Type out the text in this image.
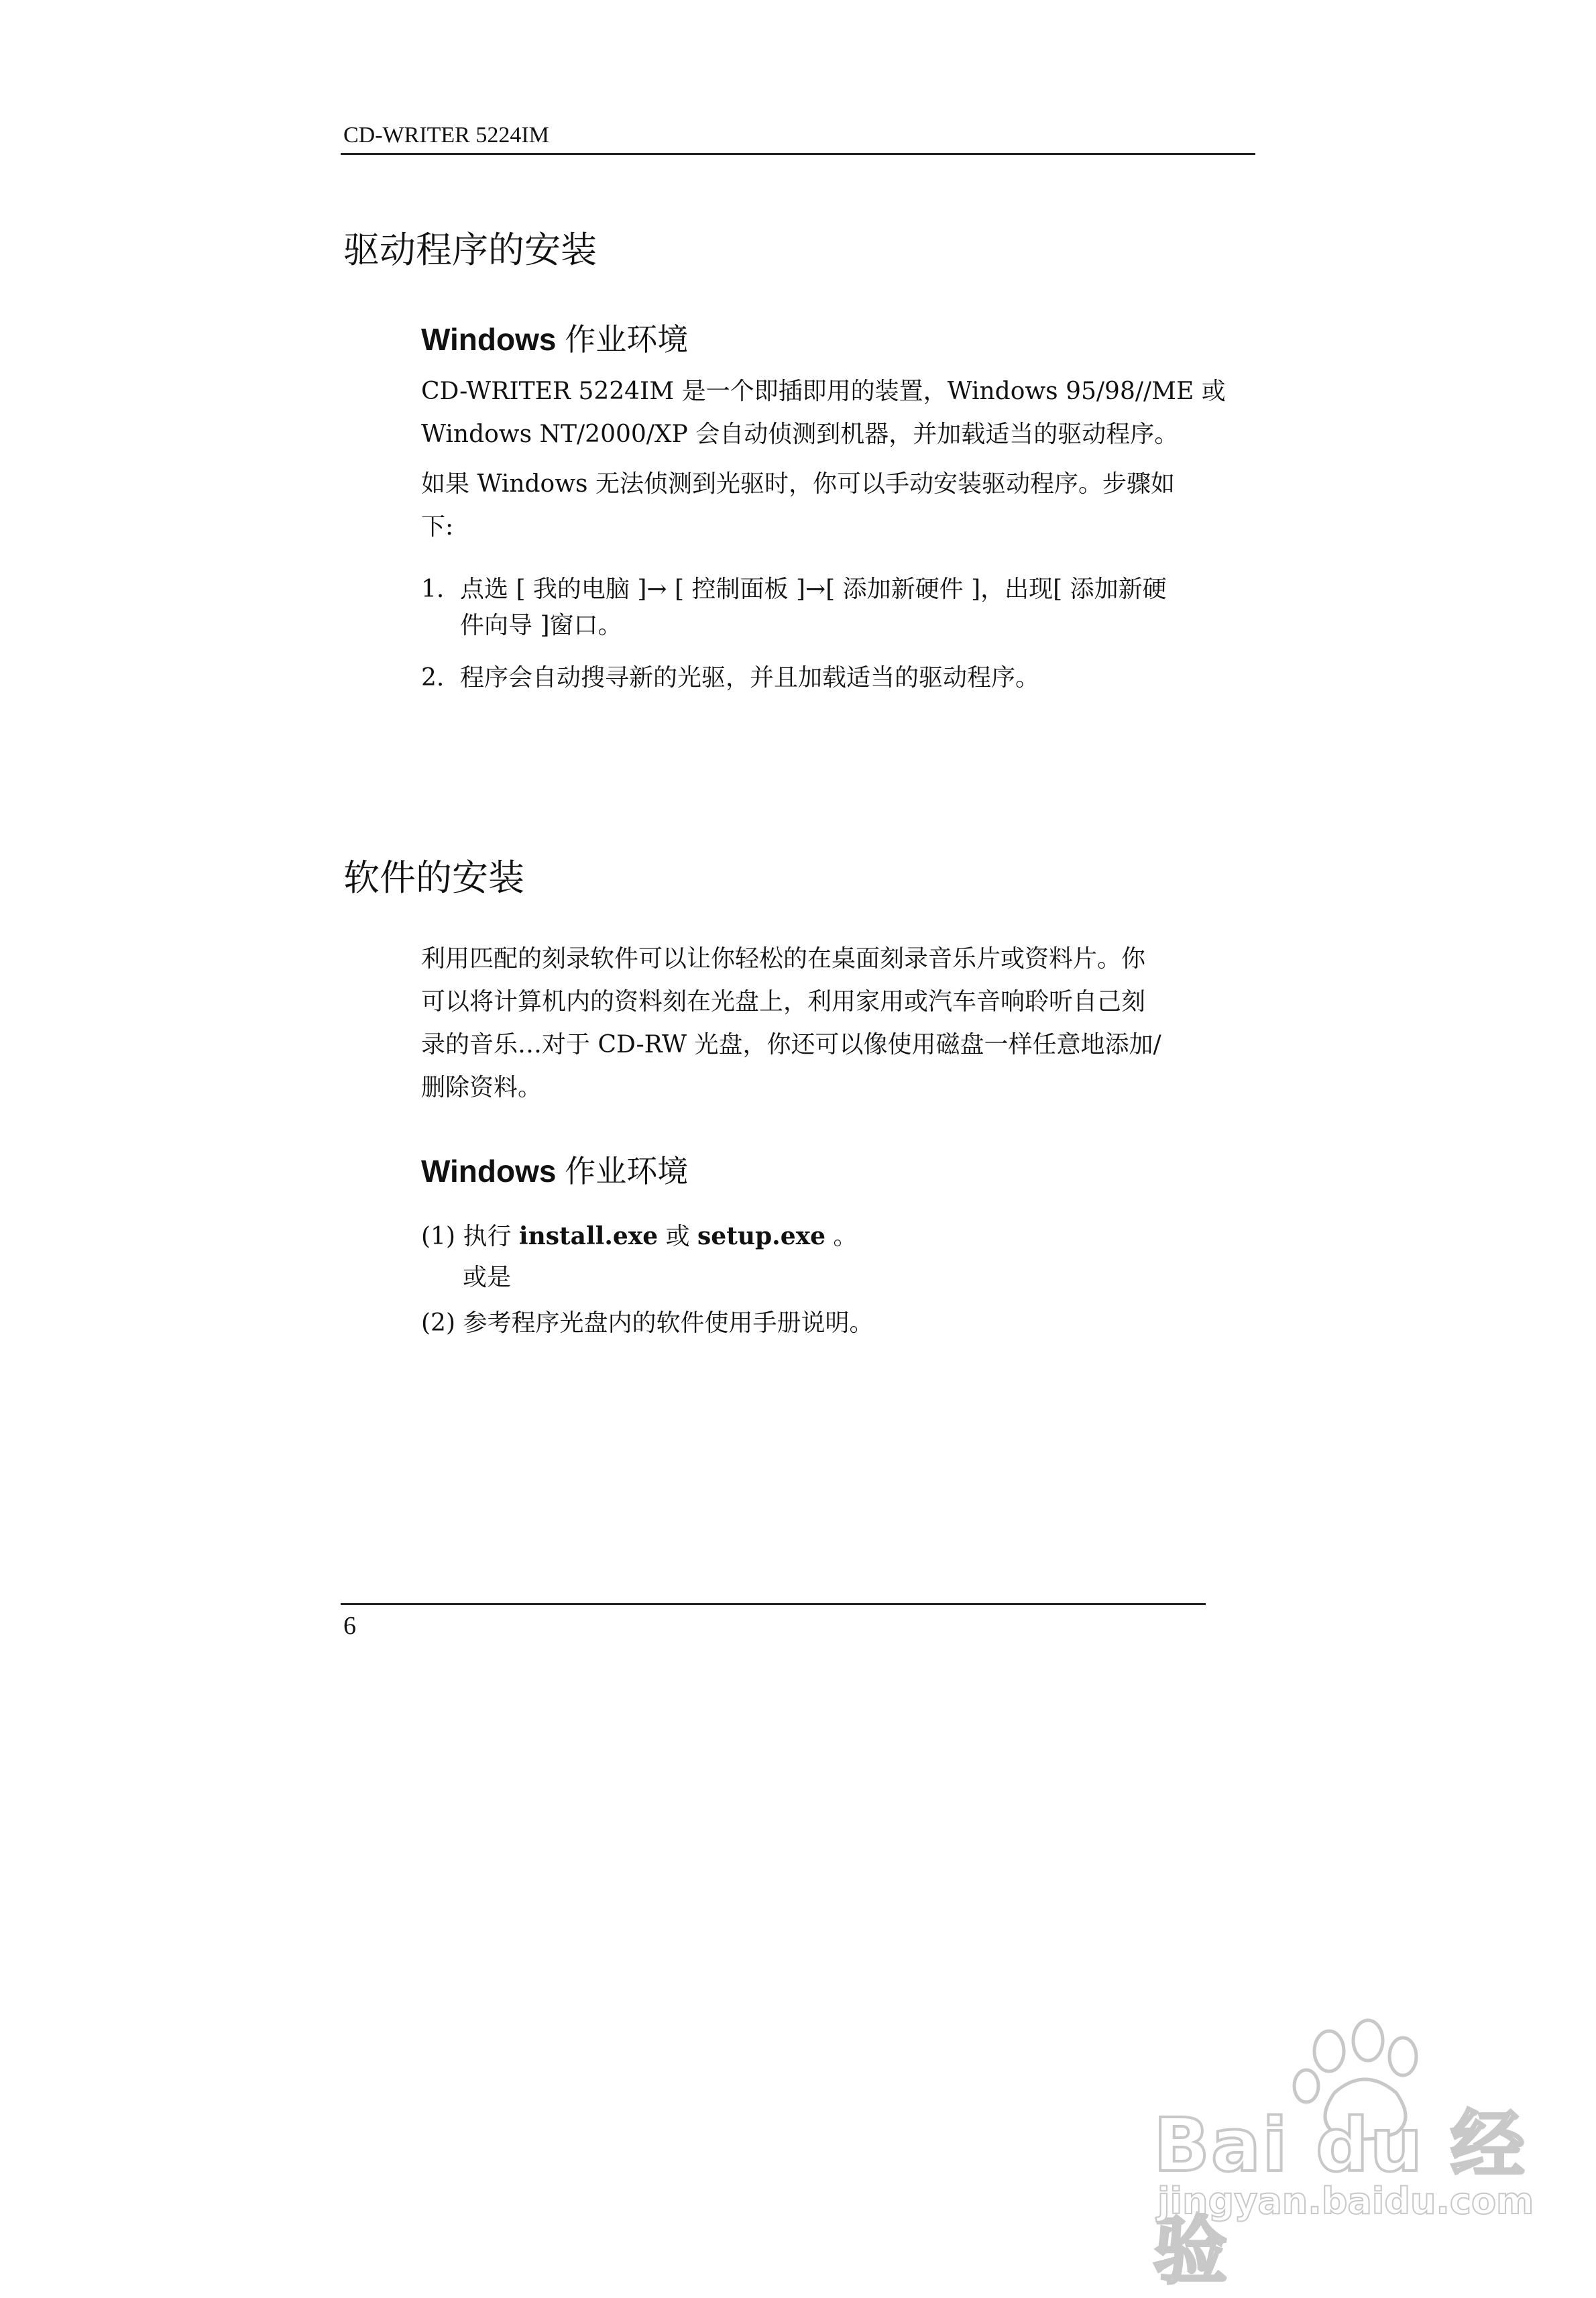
CD-WRITER 5224IM
驱动程序的安装
Windows 作业环境
CD-WRITER 5224IM 是一个即插即用的装置，Windows 95/98//ME 或
Windows NT/2000/XP 会自动侦测到机器，并加载适当的驱动程序。
如果 Windows 无法侦测到光驱时，你可以手动安装驱动程序。步骤如
下:
1. 点选 [ 我的电脑 ]→ [ 控制面板 ]→[ 添加新硬件 ]，出现[ 添加新硬
件向导 ]窗口。
2. 程序会自动搜寻新的光驱，并且加载适当的驱动程序。
软件的安装
利用匹配的刻录软件可以让你轻松的在桌面刻录音乐片或资料片。你
可以将计算机内的资料刻在光盘上，利用家用或汽车音响聆听自己刻
录的音乐…对于 CD-RW 光盘，你还可以像使用磁盘一样任意地添加/
删除资料。
Windows 作业环境
(1) 执行 install.exe 或 setup.exe 。
或是
(2) 参考程序光盘内的软件使用手册说明。
6
Bai du 经验
jingyan.baidu.com
